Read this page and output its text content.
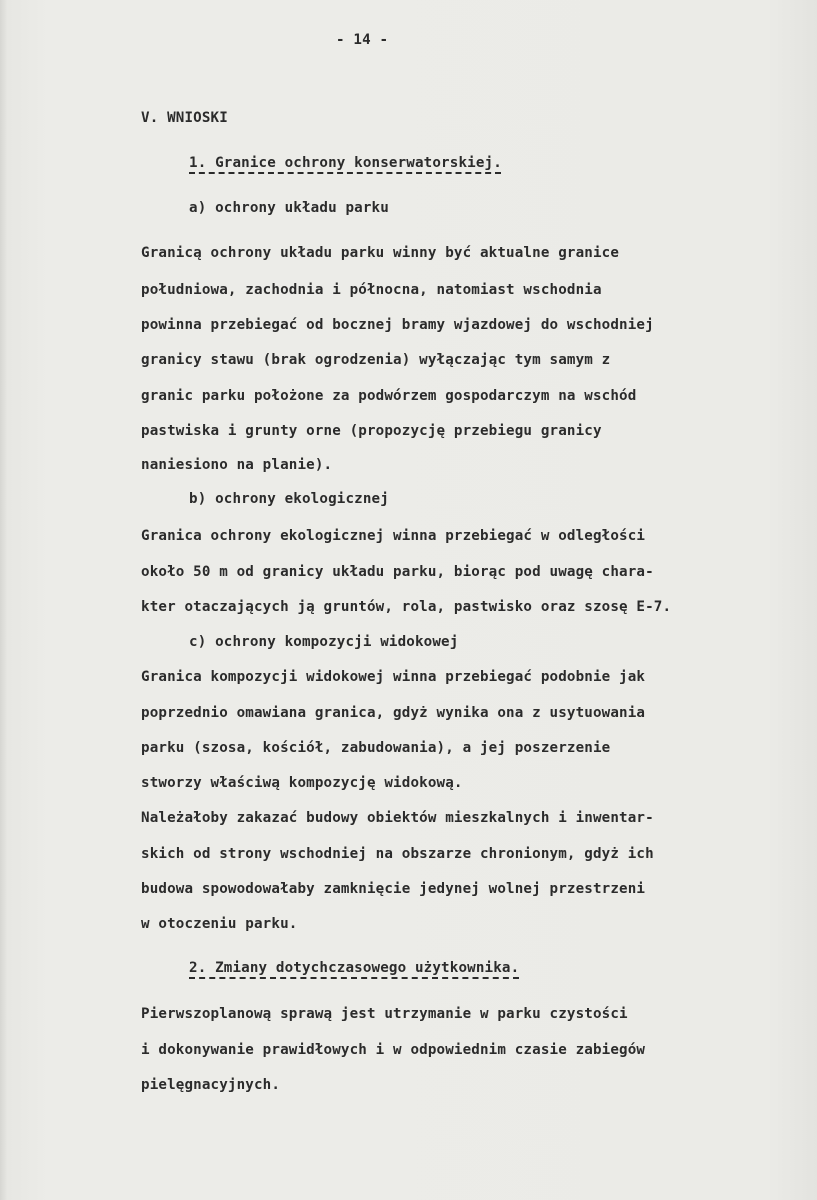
- 14 -
V. WNIOSKI
1. Granice ochrony konserwatorskiej.
a) ochrony układu parku
Granicą ochrony układu parku winny być aktualne granice
południowa, zachodnia i północna, natomiast wschodnia
powinna przebiegać od bocznej bramy wjazdowej do wschodniej
granicy stawu (brak ogrodzenia) wyłączając tym samym z
granic parku położone za podwórzem gospodarczym na wschód
pastwiska i grunty orne (propozycję przebiegu granicy
naniesiono na planie).
b) ochrony ekologicznej
Granica ochrony ekologicznej winna przebiegać w odległości
około 50 m od granicy układu parku, biorąc pod uwagę chara-
kter otaczających ją gruntów, rola, pastwisko oraz szosę E-7.
c) ochrony kompozycji widokowej
Granica kompozycji widokowej winna przebiegać podobnie jak
poprzednio omawiana granica, gdyż wynika ona z usytuowania
parku (szosa, kościół, zabudowania), a jej poszerzenie
stworzy właściwą kompozycję widokową.
Należałoby zakazać budowy obiektów mieszkalnych i inwentar-
skich od strony wschodniej na obszarze chronionym, gdyż ich
budowa spowodowałaby zamknięcie jedynej wolnej przestrzeni
w otoczeniu parku.
2. Zmiany dotychczasowego użytkownika.
Pierwszoplanową sprawą jest utrzymanie w parku czystości
i dokonywanie prawidłowych i w odpowiednim czasie zabiegów
pielęgnacyjnych.
